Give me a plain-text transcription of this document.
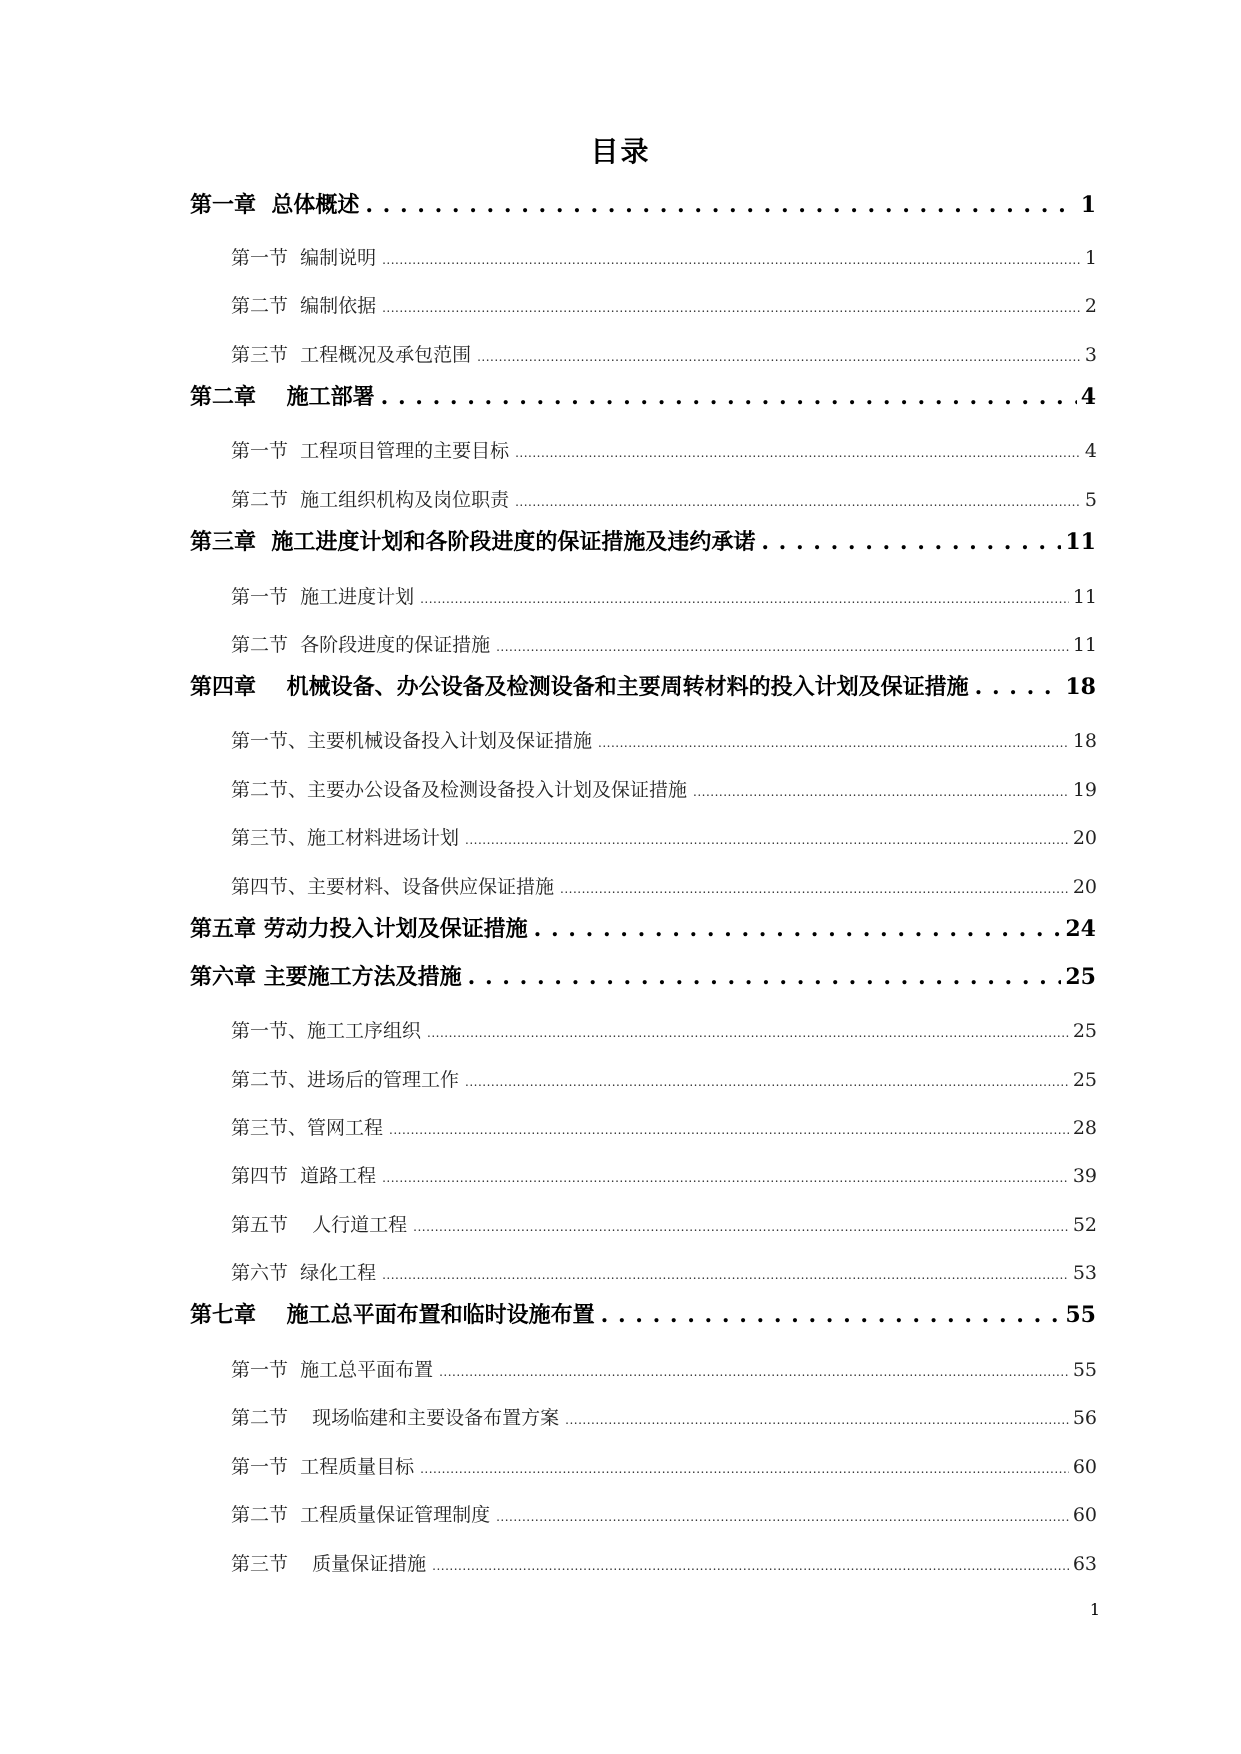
目录
第一章  总体概述 . . .	1
第一节  编制说明 .....	1
第二节  编制依据 .....	2
第三节  工程概况及承包范围 .....	3
第二章    施工部署 . . .	4
第一节  工程项目管理的主要目标 .....	4
第二节  施工组织机构及岗位职责 .....	5
第三章  施工进度计划和各阶段进度的保证措施及违约承诺 . . .	11
第一节  施工进度计划 .....	11
第二节  各阶段进度的保证措施 .....	11
第四章    机械设备、办公设备及检测设备和主要周转材料的投入计划及保证措施 . . .	18
第一节、主要机械设备投入计划及保证措施 .....	18
第二节、主要办公设备及检测设备投入计划及保证措施 .....	19
第三节、施工材料进场计划 .....	20
第四节、主要材料、设备供应保证措施 .....	20
第五章 劳动力投入计划及保证措施 . . .	24
第六章 主要施工方法及措施 . . .	25
第一节、施工工序组织 .....	25
第二节、进场后的管理工作 .....	25
第三节、管网工程 .....	28
第四节  道路工程 .....	39
第五节    人行道工程 .....	52
第六节  绿化工程 .....	53
第七章    施工总平面布置和临时设施布置 . . .	55
第一节  施工总平面布置 .....	55
第二节    现场临建和主要设备布置方案 .....	56
第一节  工程质量目标 .....	60
第二节  工程质量保证管理制度 .....	60
第三节    质量保证措施 .....	63
1
